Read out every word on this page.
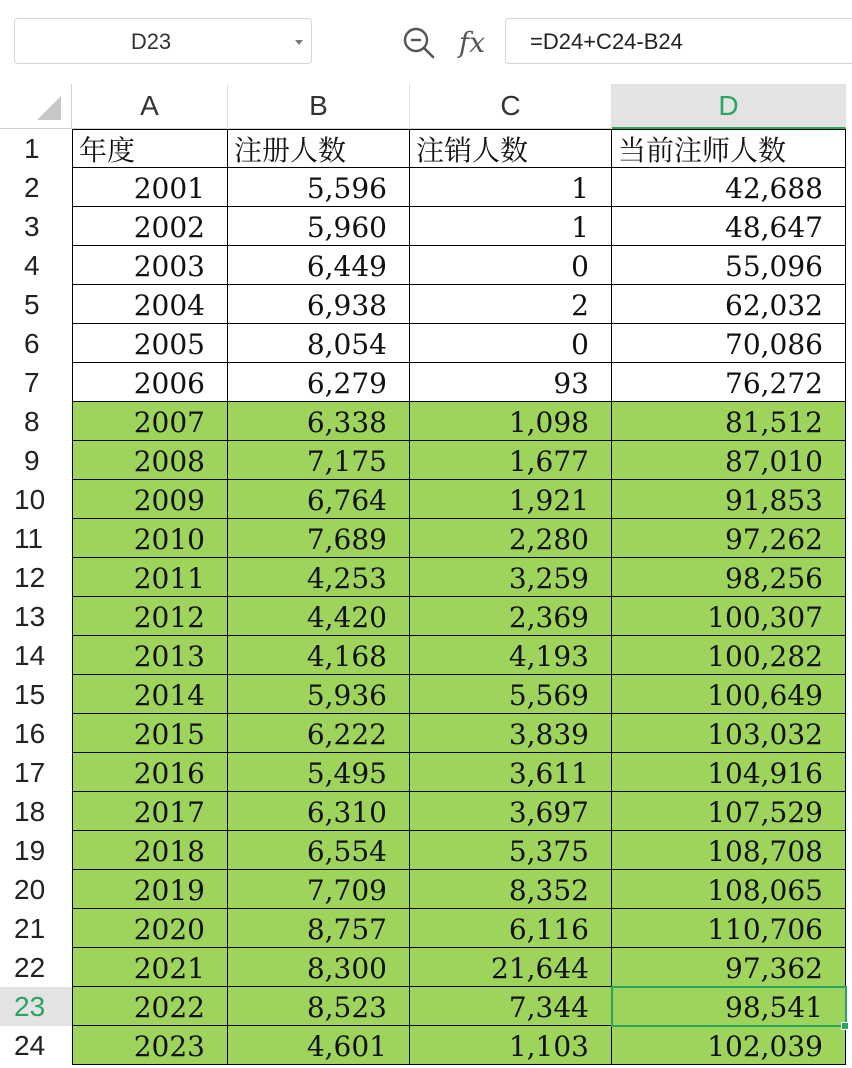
D23	fx	=D24+C24-B24
A	B	C	D
1	年度	注册人数	注销人数	当前注师人数
2	2001	5,596	1	42,688
3	2002	5,960	1	48,647
4	2003	6,449	0	55,096
5	2004	6,938	2	62,032
6	2005	8,054	0	70,086
7	2006	6,279	93	76,272
8	2007	6,338	1,098	81,512
9	2008	7,175	1,677	87,010
10	2009	6,764	1,921	91,853
11	2010	7,689	2,280	97,262
12	2011	4,253	3,259	98,256
13	2012	4,420	2,369	100,307
14	2013	4,168	4,193	100,282
15	2014	5,936	5,569	100,649
16	2015	6,222	3,839	103,032
17	2016	5,495	3,611	104,916
18	2017	6,310	3,697	107,529
19	2018	6,554	5,375	108,708
20	2019	7,709	8,352	108,065
21	2020	8,757	6,116	110,706
22	2021	8,300	21,644	97,362
23	2022	8,523	7,344	98,541
24	2023	4,601	1,103	102,039
